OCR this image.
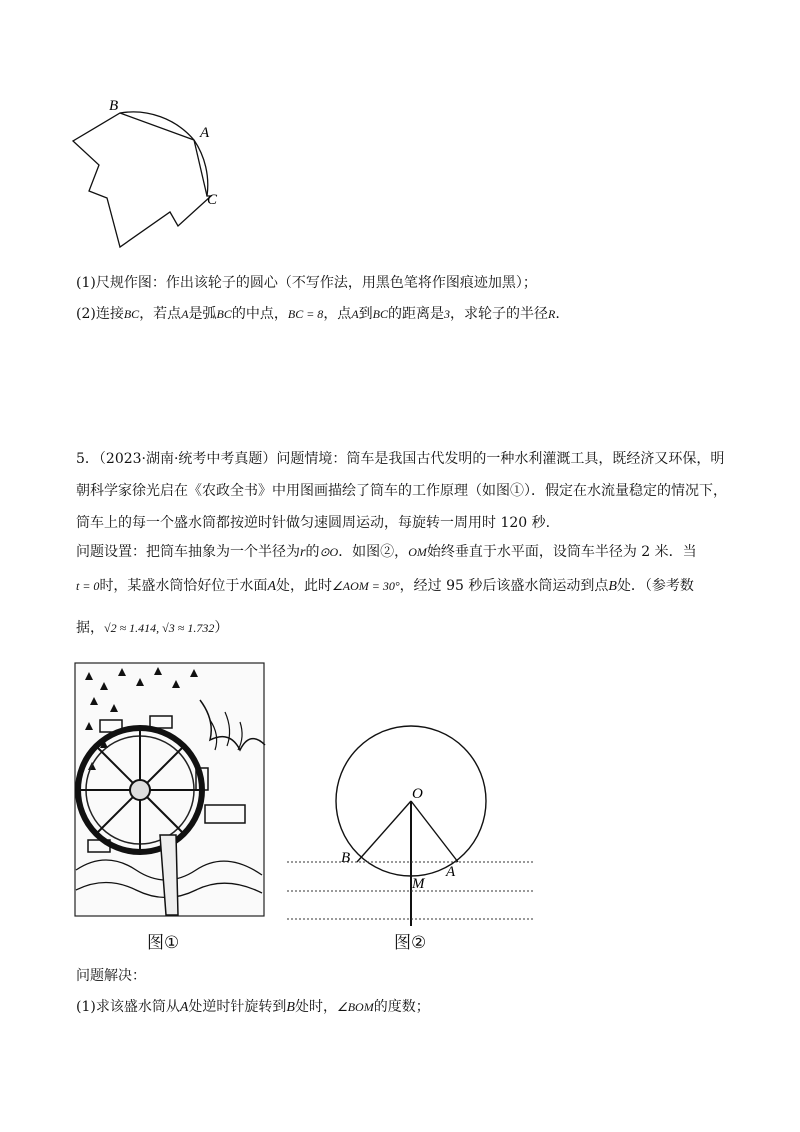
B
A
C
O
B
M
A
(1)尺规作图：作出该轮子的圆心（不写作法，用黑色笔将作图痕迹加黑）；
(2)连接BC，若点A是弧BC的中点，BC = 8，点A到BC的距离是3，求轮子的半径R.
5．（2023·湖南·统考中考真题）问题情境：筒车是我国古代发明的一种水利灌溉工具，既经济又环保，明
朝科学家徐光启在《农政全书》中用图画描绘了筒车的工作原理（如图①）．假定在水流量稳定的情况下，
筒车上的每一个盛水筒都按逆时针做匀速圆周运动，每旋转一周用时 120 秒.
问题设置：把筒车抽象为一个半径为r的⊙O．如图②，OM始终垂直于水平面，设筒车半径为 2 米．当
t = 0时，某盛水筒恰好位于水面A处，此时∠AOM = 30°，经过 95 秒后该盛水筒运动到点B处．（参考数
据，√2 ≈ 1.414, √3 ≈ 1.732）
图①	图②
问题解决：
(1)求该盛水筒从A处逆时针旋转到B处时，∠BOM的度数；
